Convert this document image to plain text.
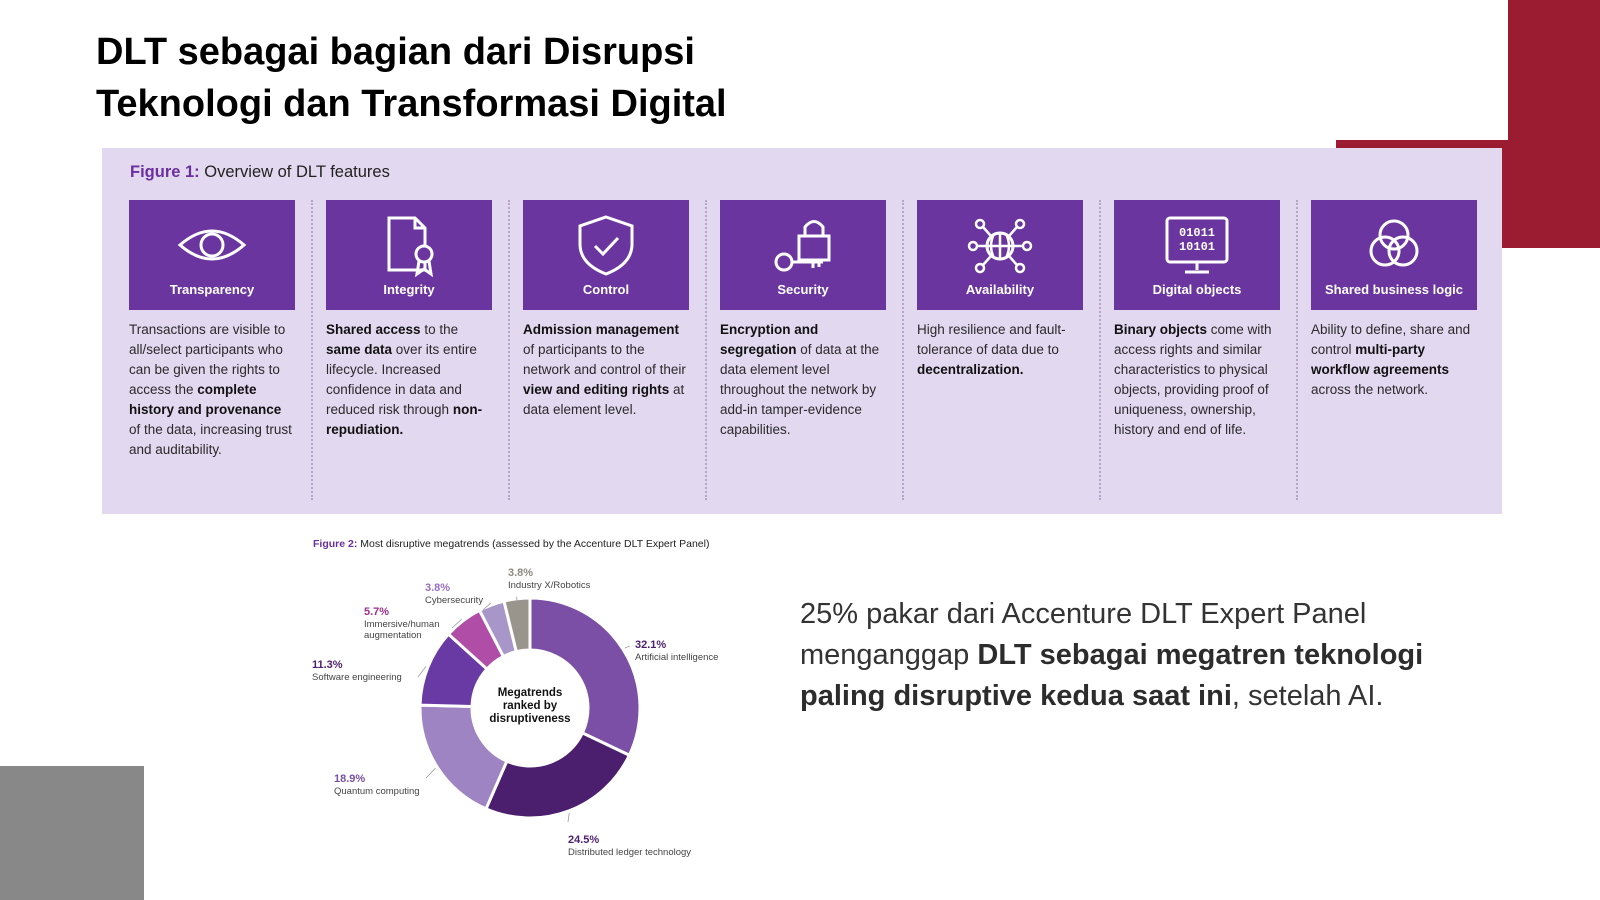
DLT sebagai bagian dari Disrupsi
Teknologi dan Transformasi Digital
Figure 1: Overview of DLT features
Transparency
Transactions are visible to all/select participants who can be given the rights to access the complete history and provenance of the data, increasing trust and auditability.
Integrity
Shared access to the same data over its entire lifecycle. Increased confidence in data and reduced risk through non-repudiation.
Control
Admission management of participants to the network and control of their view and editing rights at data element level.
Security
Encryption and segregation of data at the data element level throughout the network by add-in tamper-evidence capabilities.
Availability
High resilience and fault-tolerance of data due to decentralization.
01011
10101
Digital objects
Binary objects come with access rights and similar characteristics to physical objects, providing proof of uniqueness, ownership, history and end of life.
Shared business logic
Ability to define, share and control multi-party workflow agreements across the network.
Figure 2: Most disruptive megatrends (assessed by the Accenture DLT Expert Panel)
32.1%
Artificial intelligence
24.5%
Distributed ledger technology
18.9%
Quantum computing
11.3%
Software engineering
5.7%
Immersive/human
augmentation
3.8%
Cybersecurity
3.8%
Industry X/Robotics
Megatrends
ranked by
disruptiveness
25% pakar dari Accenture DLT Expert Panel menganggap DLT sebagai megatren teknologi paling disruptive kedua saat ini, setelah AI.
